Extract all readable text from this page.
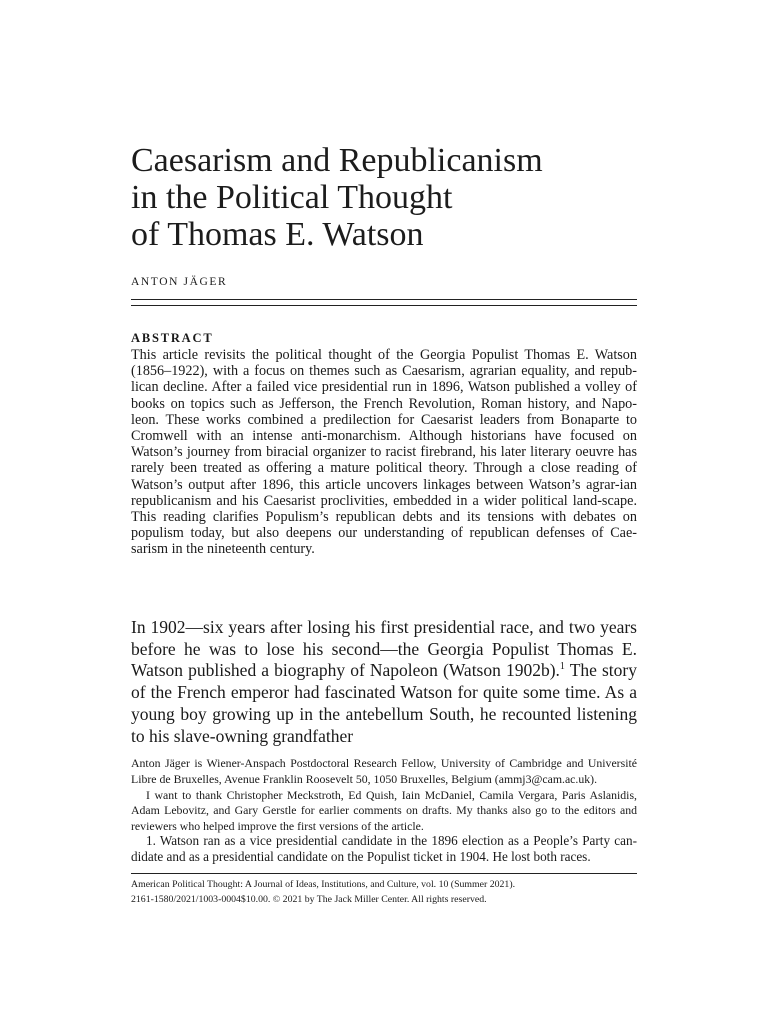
Caesarism and Republicanism
in the Political Thought
of Thomas E. Watson
ANTON JÄGER
ABSTRACT

This article revisits the political thought of the Georgia Populist Thomas E. Watson (1856–1922), with a focus on themes such as Caesarism, agrarian equality, and repub-lican decline. After a failed vice presidential run in 1896, Watson published a volley of books on topics such as Jefferson, the French Revolution, Roman history, and Napo-leon. These works combined a predilection for Caesarist leaders from Bonaparte to Cromwell with an intense anti-monarchism. Although historians have focused on Watson’s journey from biracial organizer to racist firebrand, his later literary oeuvre has rarely been treated as offering a mature political theory. Through a close reading of Watson’s output after 1896, this article uncovers linkages between Watson’s agrar-ian republicanism and his Caesarist proclivities, embedded in a wider political land-scape. This reading clarifies Populism’s republican debts and its tensions with debates on populism today, but also deepens our understanding of republican defenses of Cae-sarism in the nineteenth century.

In 1902—six years after losing his first presidential race, and two years before he was to lose his second—the Georgia Populist Thomas E. Watson published a biography of Napoleon (Watson 1902b).$^1$ The story of the French emperor had fascinated Watson for quite some time. As a young boy growing up in the antebellum South, he recounted listening to his slave-owning grandfather

Anton Jäger is Wiener-Anspach Postdoctoral Research Fellow, University of Cambridge and Université Libre de Bruxelles, Avenue Franklin Roosevelt 50, 1050 Bruxelles, Belgium (ammj3@cam.ac.uk).

I want to thank Christopher Meckstroth, Ed Quish, Iain McDaniel, Camila Vergara, Paris Aslanidis, Adam Lebovitz, and Gary Gerstle for earlier comments on drafts. My thanks also go to the editors and reviewers who helped improve the first versions of the article.

1. Watson ran as a vice presidential candidate in the 1896 election as a People’s Party can-didate and as a presidential candidate on the Populist ticket in 1904. He lost both races.

American Political Thought: A Journal of Ideas, Institutions, and Culture, vol. 10 (Summer 2021).
2161-1580/2021/1003-0004$10.00. © 2021 by The Jack Miller Center. All rights reserved.
